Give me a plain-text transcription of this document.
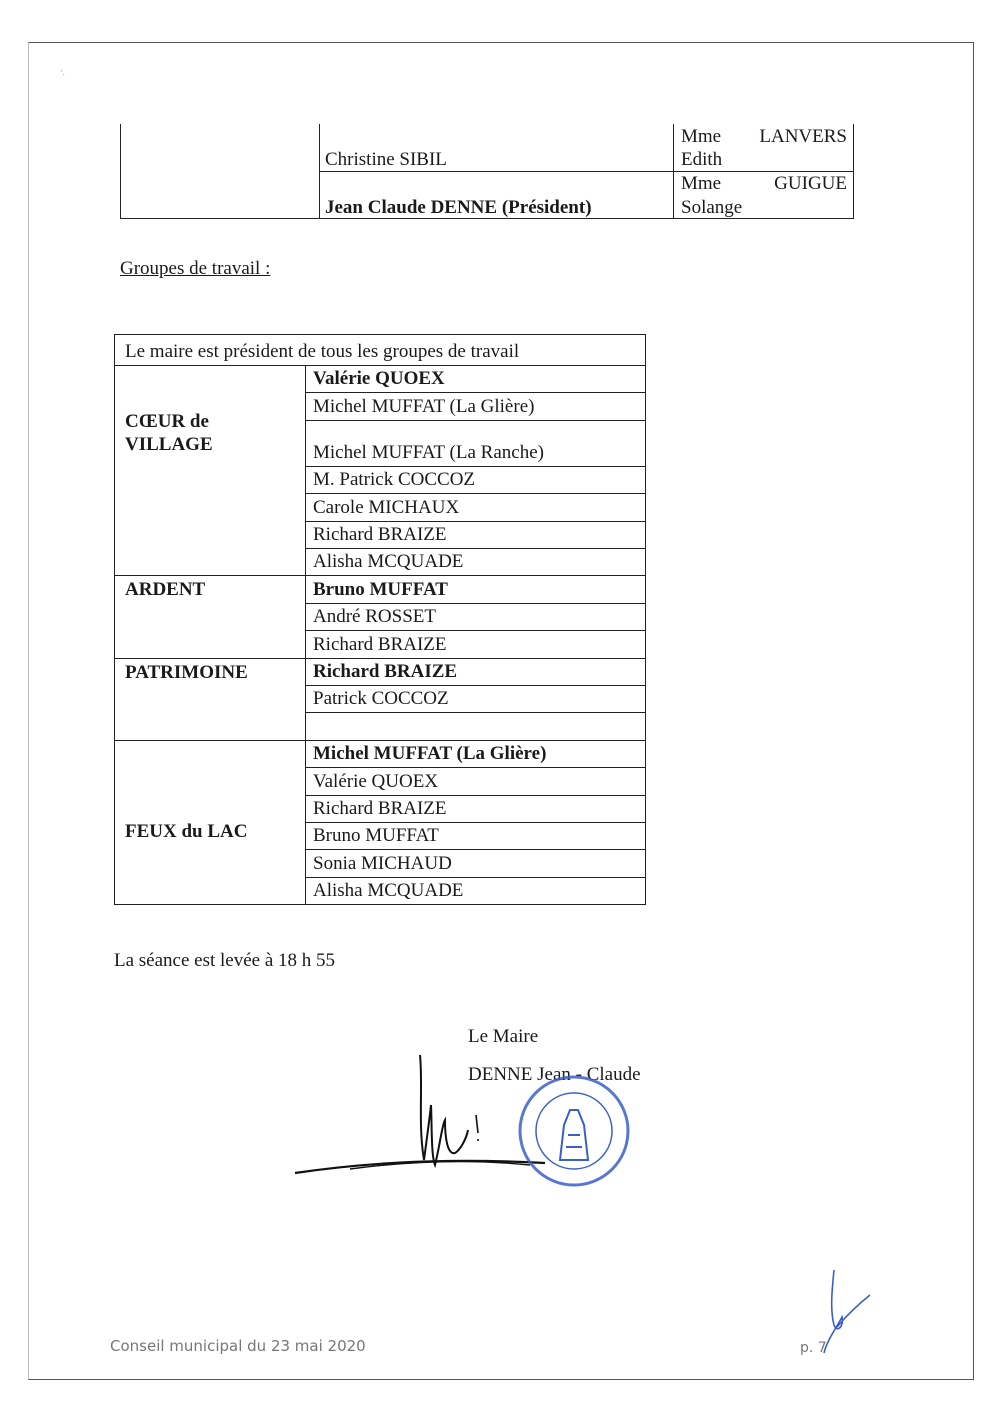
ʻ.
Christine SIBIL
Mme LANVERS
Edith
Jean Claude DENNE (Président)
Mme	GUIGUE
Solange
Groupes de travail :
Le maire est président de tous les groupes de travail
Valérie QUOEX
Michel MUFFAT (La Glière)
Michel MUFFAT (La Ranche)
M. Patrick COCCOZ
Carole MICHAUX
Richard BRAIZE
Alisha MCQUADE
CŒUR de
VILLAGE
Bruno MUFFAT
André ROSSET
Richard BRAIZE
ARDENT
Richard BRAIZE
Patrick COCCOZ
PATRIMOINE
Michel MUFFAT (La Glière)
Valérie QUOEX
Richard BRAIZE
Bruno MUFFAT
Sonia MICHAUD
Alisha MCQUADE
FEUX du LAC
La séance est levée à 18 h 55
Le Maire
DENNE Jean - Claude
Conseil municipal du 23 mai 2020	p. 7
